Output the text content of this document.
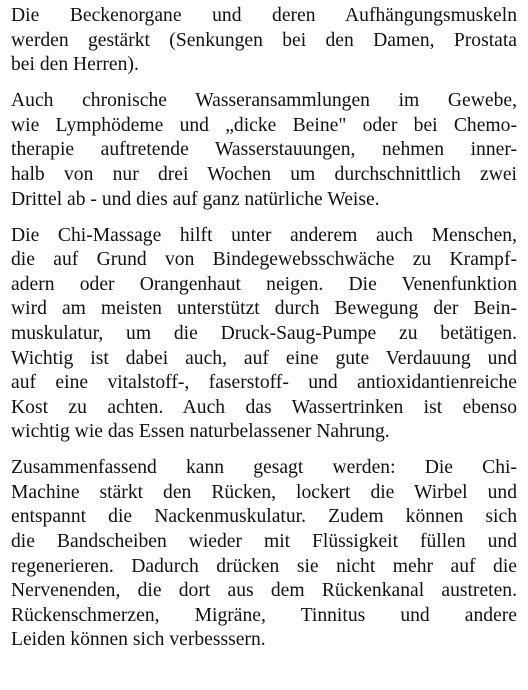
Die Beckenorgane und deren Aufhängungsmuskeln
werden gestärkt (Senkungen bei den Damen, Prostata
bei den Herren).

Auch chronische Wasseransammlungen im Gewebe,
wie Lymphödeme und „dicke Beine" oder bei Chemo-
therapie auftretende Wasserstauungen, nehmen inner-
halb von nur drei Wochen um durchschnittlich zwei
Drittel ab - und dies auf ganz natürliche Weise.

Die Chi-Massage hilft unter anderem auch Menschen,
die auf Grund von Bindegewebsschwäche zu Krampf-
adern oder Orangenhaut neigen. Die Venenfunktion
wird am meisten unterstützt durch Bewegung der Bein-
muskulatur, um die Druck-Saug-Pumpe zu betätigen.
Wichtig ist dabei auch, auf eine gute Verdauung und
auf eine vitalstoff-, faserstoff- und antioxidantienreiche
Kost zu achten. Auch das Wassertrinken ist ebenso
wichtig wie das Essen naturbelassener Nahrung.

Zusammenfassend kann gesagt werden: Die Chi-
Machine stärkt den Rücken, lockert die Wirbel und
entspannt die Nackenmuskulatur. Zudem können sich
die Bandscheiben wieder mit Flüssigkeit füllen und
regenerieren. Dadurch drücken sie nicht mehr auf die
Nervenenden, die dort aus dem Rückenkanal austreten.
Rückenschmerzen, Migräne, Tinnitus und andere
Leiden können sich verbesssern.
